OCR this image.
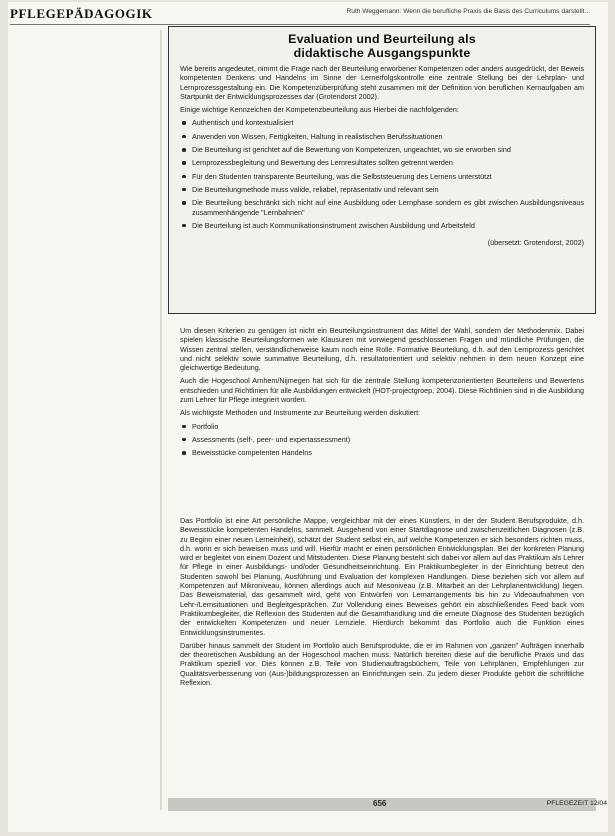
PFLEGEPÄDAGOGIK	Ruth Weggemann: Wenn die berufliche Praxis die Basis des Curriculums darstellt...
Evaluation und Beurteilung als
didaktische Ausgangspunkte

Wie bereits angedeutet, nimmt die Frage nach der Beurteilung erworbener Kompetenzen oder anders ausgedrückt, der Beweis kompetenten Denkens und Handelns im Sinne der Lernerfolgskontrolle eine zentrale Stellung bei der Lehrplan- und Lernprozessgestaltung ein. Die Kompetenzüberprüfung steht zusammen mit der Definition von beruflichen Kernaufgaben am Startpunkt der Entwicklungsprozesses dar (Grotendorst 2002).

Einige wichtige Kennzeichen der Kompetenzbeurteilung aus Hierbei die nachfolgenden:

Authentisch und kontextualisiert
Anwenden von Wissen, Fertigkeiten, Haltung in realistischen Berufssituationen
Die Beurteilung ist gerichtet auf die Bewertung von Kompetenzen, ungeachtet, wo sie erworben sind
Lernprozessbegleitung und Bewertung des Lernresultates sollten getrennt werden
Für den Studenten transparente Beurteilung, was die Selbststeuerung des Lernens unterstützt
Die Beurteilungmethode muss valide, reliabel, repräsentativ und relevant sein
Die Beurteilung beschränkt sich nicht auf eine Ausbildung oder Lernphase sondern es gibt zwischen Ausbildungsniveaus zusammenhängende "Lernbahnen"
Die Beurteilung ist auch Kommunikationsinstrument zwischen Ausbildung und Arbeitsfeld
(übersetzt: Grotendorst, 2002)

Um diesen Kriterien zu genügen ist nicht ein Beurteilungsinstrument das Mittel der Wahl, sondern der Methodenmix. Dabei spielen klassische Beurteilungsformen wie Klausuren mit vorwiegend geschlossenen Fragen und mündliche Prüfungen, die Wissen zentral stellen, verständlicherweise kaum noch eine Rolle. Formative Beurteilung, d.h. auf den Lernprozess gerichtet und nicht selektiv sowie summative Beurteilung, d.h. resultatorientiert und selektiv nehmen in dem neuen Konzept eine gleichwertige Bedeutung.

Auch die Hogeschool Arnhem/Nijmegen hat sich für die zentrale Stellung kompetenzorientierten Beurteilens und Bewertens entschieden und Richtlinien für alle Ausbildungen entwickelt (HOT-projectgroep, 2004). Diese Richtlinien sind in die Ausbildung zum Lehrer für Pflege integriert worden.

Als wichtigste Methoden und Instrumente zur Beurteilung werden diskutiert:

Portfolio
Assessments (self-, peer- und expertassessment)
Beweisstücke competenten Handelns

Das Portfolio ist eine Art persönliche Mappe, vergleichbar mit der eines Künstlers, in der der Student Berufsprodukte, d.h. Beweisstücke kompetenten Handelns, sammelt. Ausgehend von einer Startdiagnose und zwischenzeitlichen Diagnosen (z.B. zu Beginn einer neuen Lerneinheit), schätzt der Student selbst ein, auf welche Kompetenzen er sich besonders richten muss, d.h. worin er sich beweisen muss und will. Hierfür macht er einen persönlichen Entwicklungsplan. Bei der konkreten Planung wird er begleitet von einem Dozent und Mitstudenten. Diese Planung besteht sich dabei vor allem auf das Praktikum als Lehrer für Pflege in einer Ausbildungs- und/oder Gesundheitseinrichtung. Ein Praktikumbegleiter in der Einrichtung betreut den Studenten sowohl bei Planung, Ausführung und Evaluation der komplexen Handlungen. Diese beziehen sich vor allem auf Kompetenzen auf Mikroniveau, können allerdings auch auf Mesoniveau (z.B. Mitarbeit an der Lehrplanentwicklung) liegen. Das Beweismaterial, das gesammelt wird, geht von Entwürfen von Lernarrangements bis hin zu Videoaufnahmen von Lehr-/Lernsituationen und Begleitgesprächen. Zur Vollendung eines Beweises gehört ein abschließendes Feed back vom Praktikumbegleiter, die Reflexion des Studenten auf die Gesamthandlung und die erneute Diagnose des Studenten bezüglich der entwickelten Kompetenzen und neuer Lernziele. Hierdurch bekommt das Portfolio auch die Funktion eines Entwicklungsinstrumentes.

Darüber hinaus sammelt der Student im Portfolio auch Berufsprodukte, die er im Rahmen von „ganzen" Aufträgen innerhalb der theoretischen Ausbildung an der Hogeschool machen muss. Natürlich bereiten diese auf die berufliche Praxis und das Praktikum speziell vor. Dies können z.B. Teile von Studienauftragsbüchern, Teile von Lehrplänen, Empfehlungen zur Qualitätsverbesserung von (Aus-)bildungsprozessen an Einrichtungen sein. Zu jedem dieser Produkte gehört die schriftliche Reflexion.

656	PFLEGEZEIT 12/04
